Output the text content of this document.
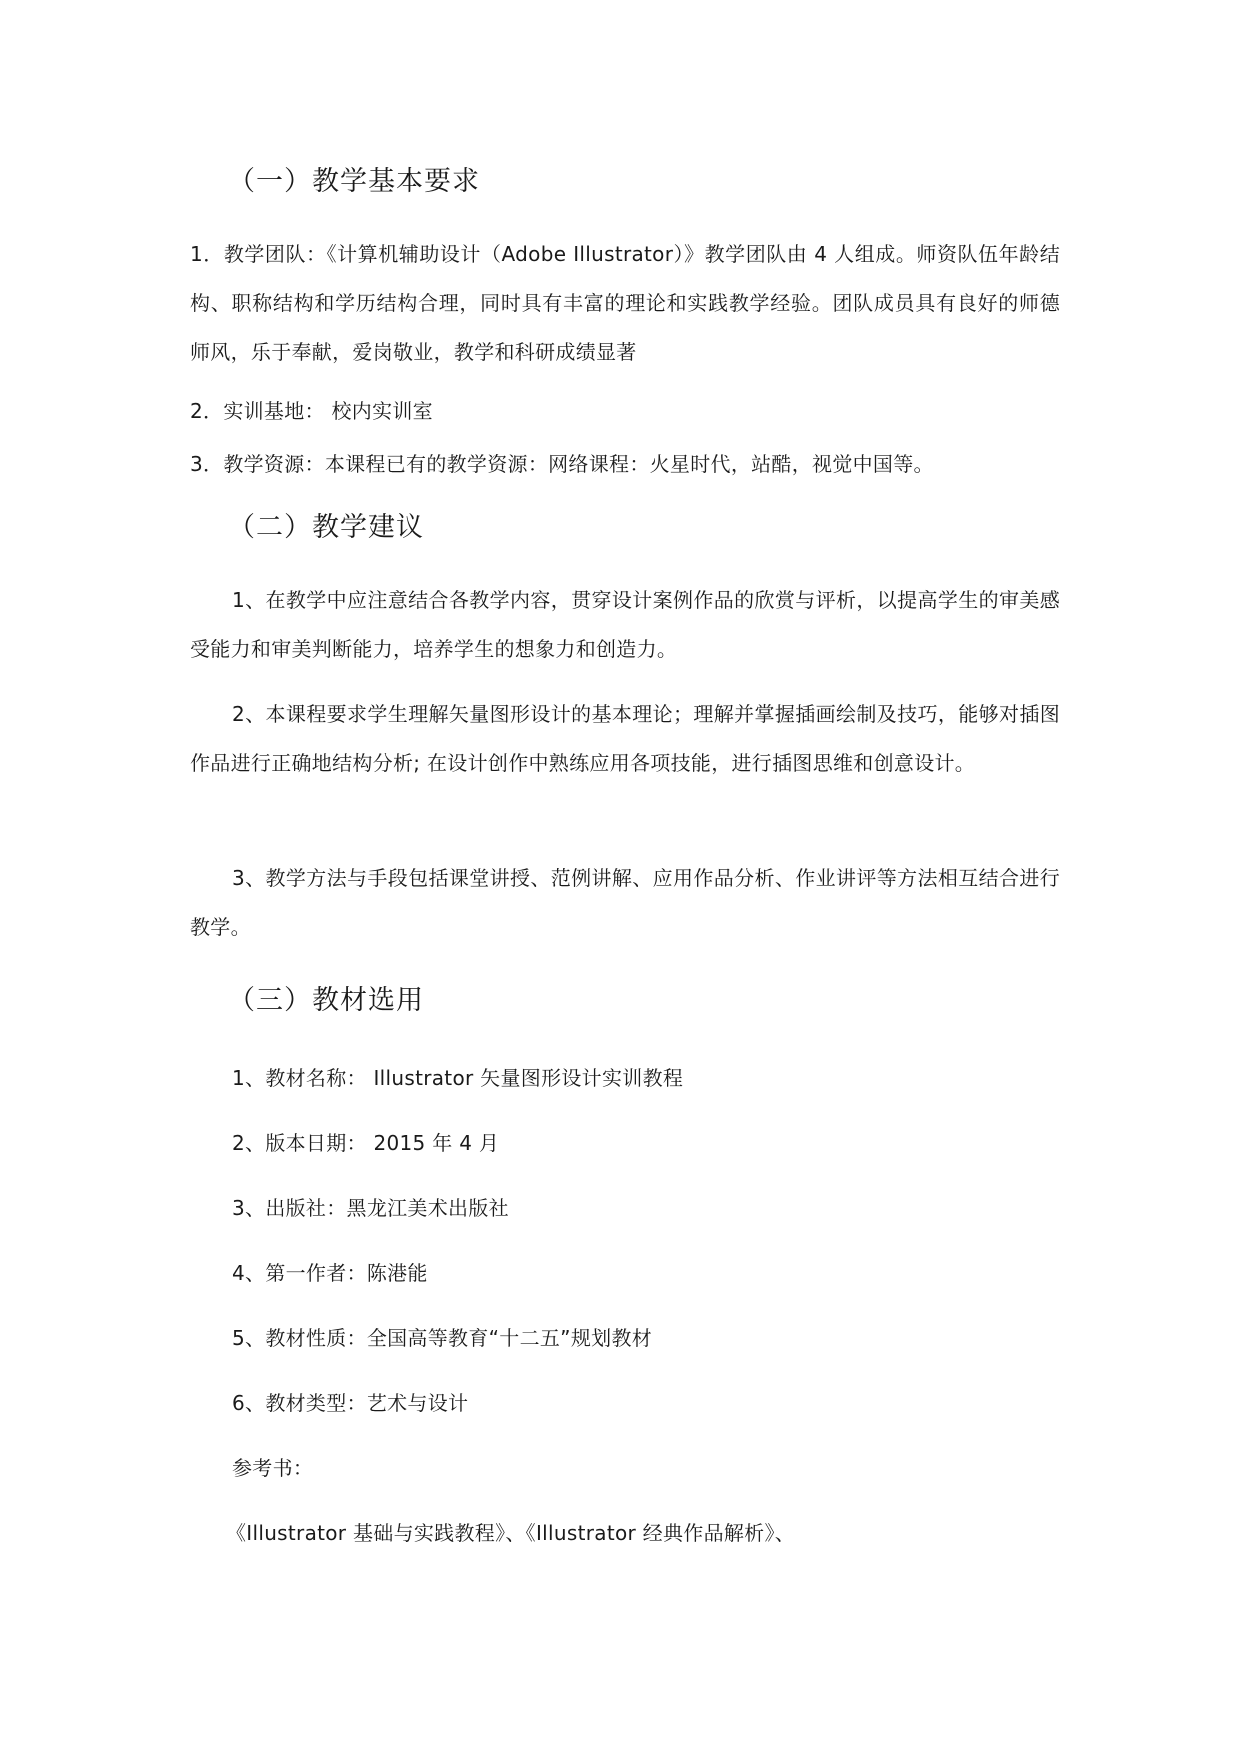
（一）教学基本要求

1．教学团队：《计算机辅助设计（Adobe Illustrator）》教学团队由 4 人组成。师资队伍年龄结构、职称结构和学历结构合理，同时具有丰富的理论和实践教学经验。团队成员具有良好的师德师风，乐于奉献，爱岗敬业，教学和科研成绩显著

2．实训基地： 校内实训室

3．教学资源：本课程已有的教学资源：网络课程：火星时代，站酷，视觉中国等。

（二）教学建议

1、在教学中应注意结合各教学内容，贯穿设计案例作品的欣赏与评析，以提高学生的审美感受能力和审美判断能力，培养学生的想象力和创造力。

2、本课程要求学生理解矢量图形设计的基本理论；理解并掌握插画绘制及技巧，能够对插图作品进行正确地结构分析; 在设计创作中熟练应用各项技能，进行插图思维和创意设计。

3、教学方法与手段包括课堂讲授、范例讲解、应用作品分析、作业讲评等方法相互结合进行教学。

（三）教材选用

1、教材名称： Illustrator 矢量图形设计实训教程

2、版本日期： 2015 年 4 月

3、出版社：黑龙江美术出版社

4、第一作者：陈港能

5、教材性质：全国高等教育“十二五”规划教材

6、教材类型：艺术与设计

参考书：

《Illustrator 基础与实践教程》、《Illustrator 经典作品解析》、
